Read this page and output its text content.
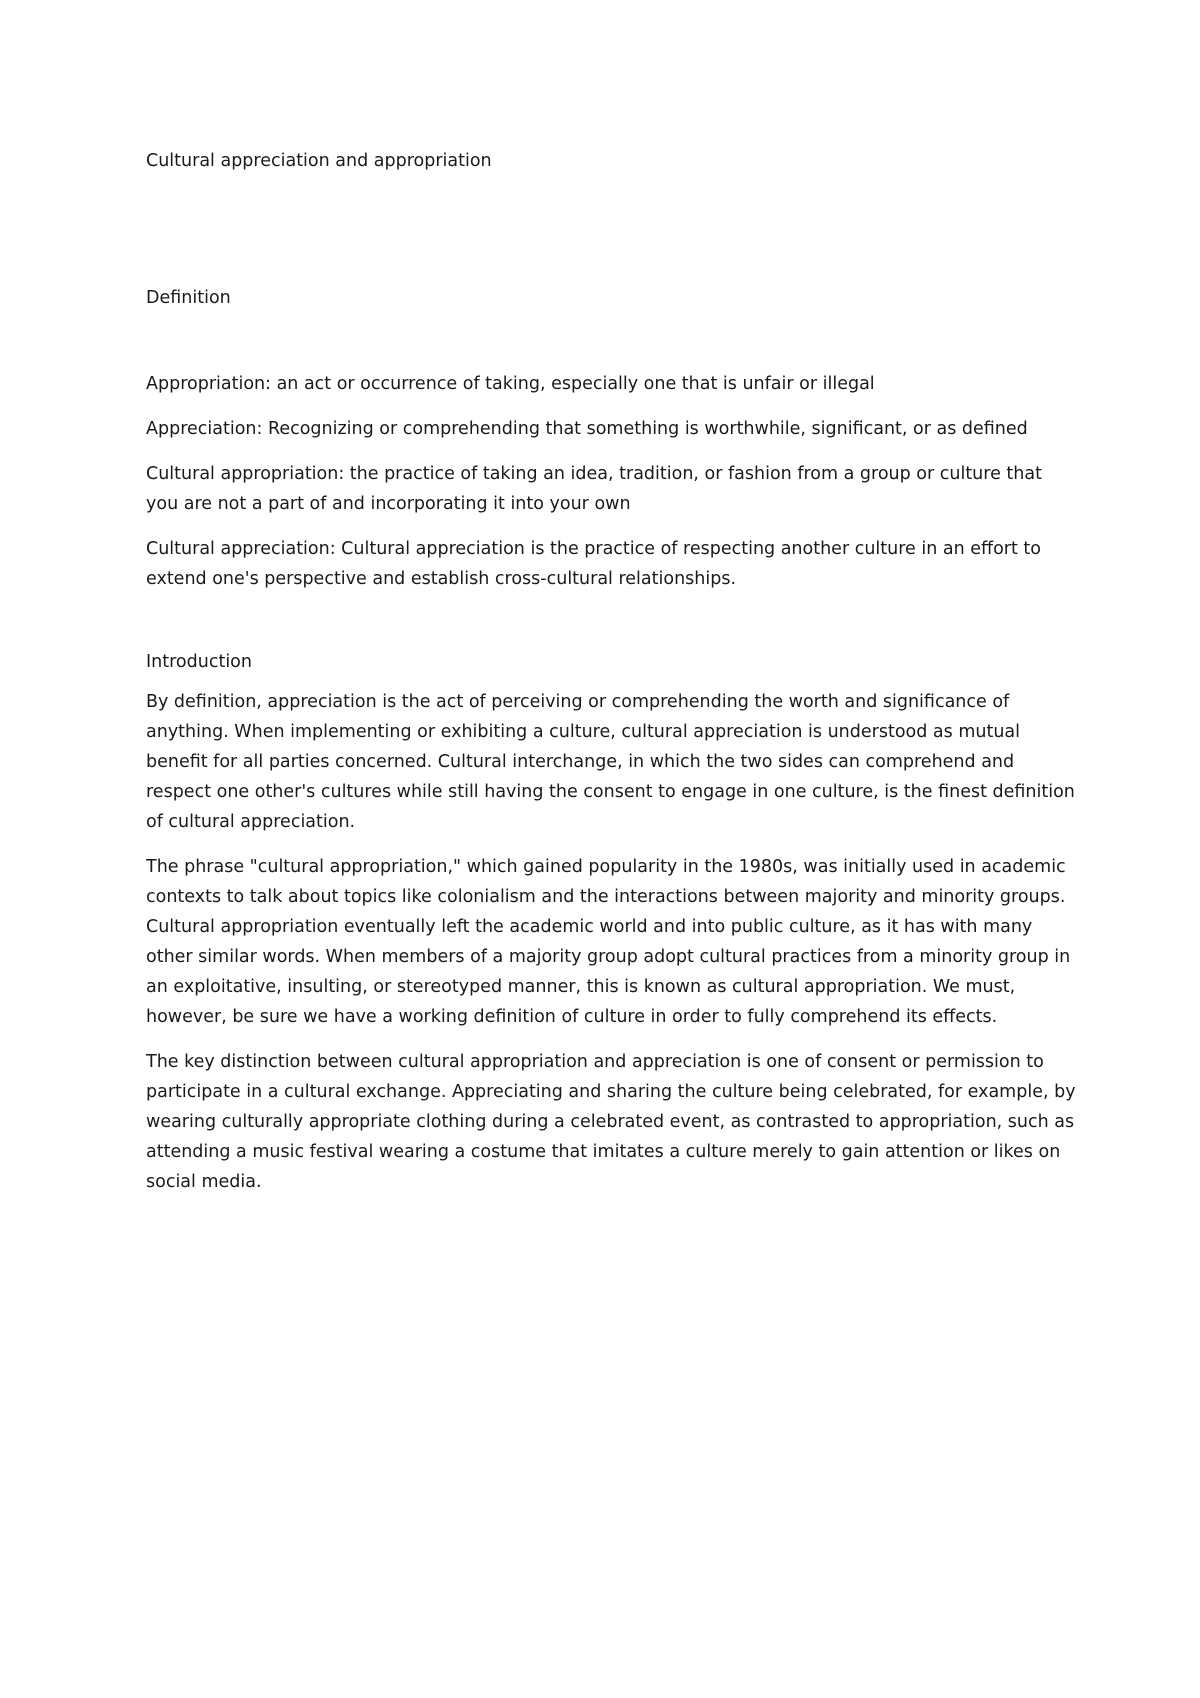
Cultural appreciation and appropriation
Definition

Appropriation: an act or occurrence of taking, especially one that is unfair or illegal

Appreciation: Recognizing or comprehending that something is worthwhile, significant, or as defined

Cultural appropriation: the practice of taking an idea, tradition, or fashion from a group or culture that you are not a part of and incorporating it into your own

Cultural appreciation: Cultural appreciation is the practice of respecting another culture in an effort to extend one's perspective and establish cross-cultural relationships.

Introduction

By definition, appreciation is the act of perceiving or comprehending the worth and significance of anything. When implementing or exhibiting a culture, cultural appreciation is understood as mutual benefit for all parties concerned. Cultural interchange, in which the two sides can comprehend and respect one other's cultures while still having the consent to engage in one culture, is the finest definition of cultural appreciation.

The phrase "cultural appropriation," which gained popularity in the 1980s, was initially used in academic contexts to talk about topics like colonialism and the interactions between majority and minority groups. Cultural appropriation eventually left the academic world and into public culture, as it has with many other similar words. When members of a majority group adopt cultural practices from a minority group in an exploitative, insulting, or stereotyped manner, this is known as cultural appropriation. We must, however, be sure we have a working definition of culture in order to fully comprehend its effects.

The key distinction between cultural appropriation and appreciation is one of consent or permission to participate in a cultural exchange. Appreciating and sharing the culture being celebrated, for example, by wearing culturally appropriate clothing during a celebrated event, as contrasted to appropriation, such as attending a music festival wearing a costume that imitates a culture merely to gain attention or likes on social media.
